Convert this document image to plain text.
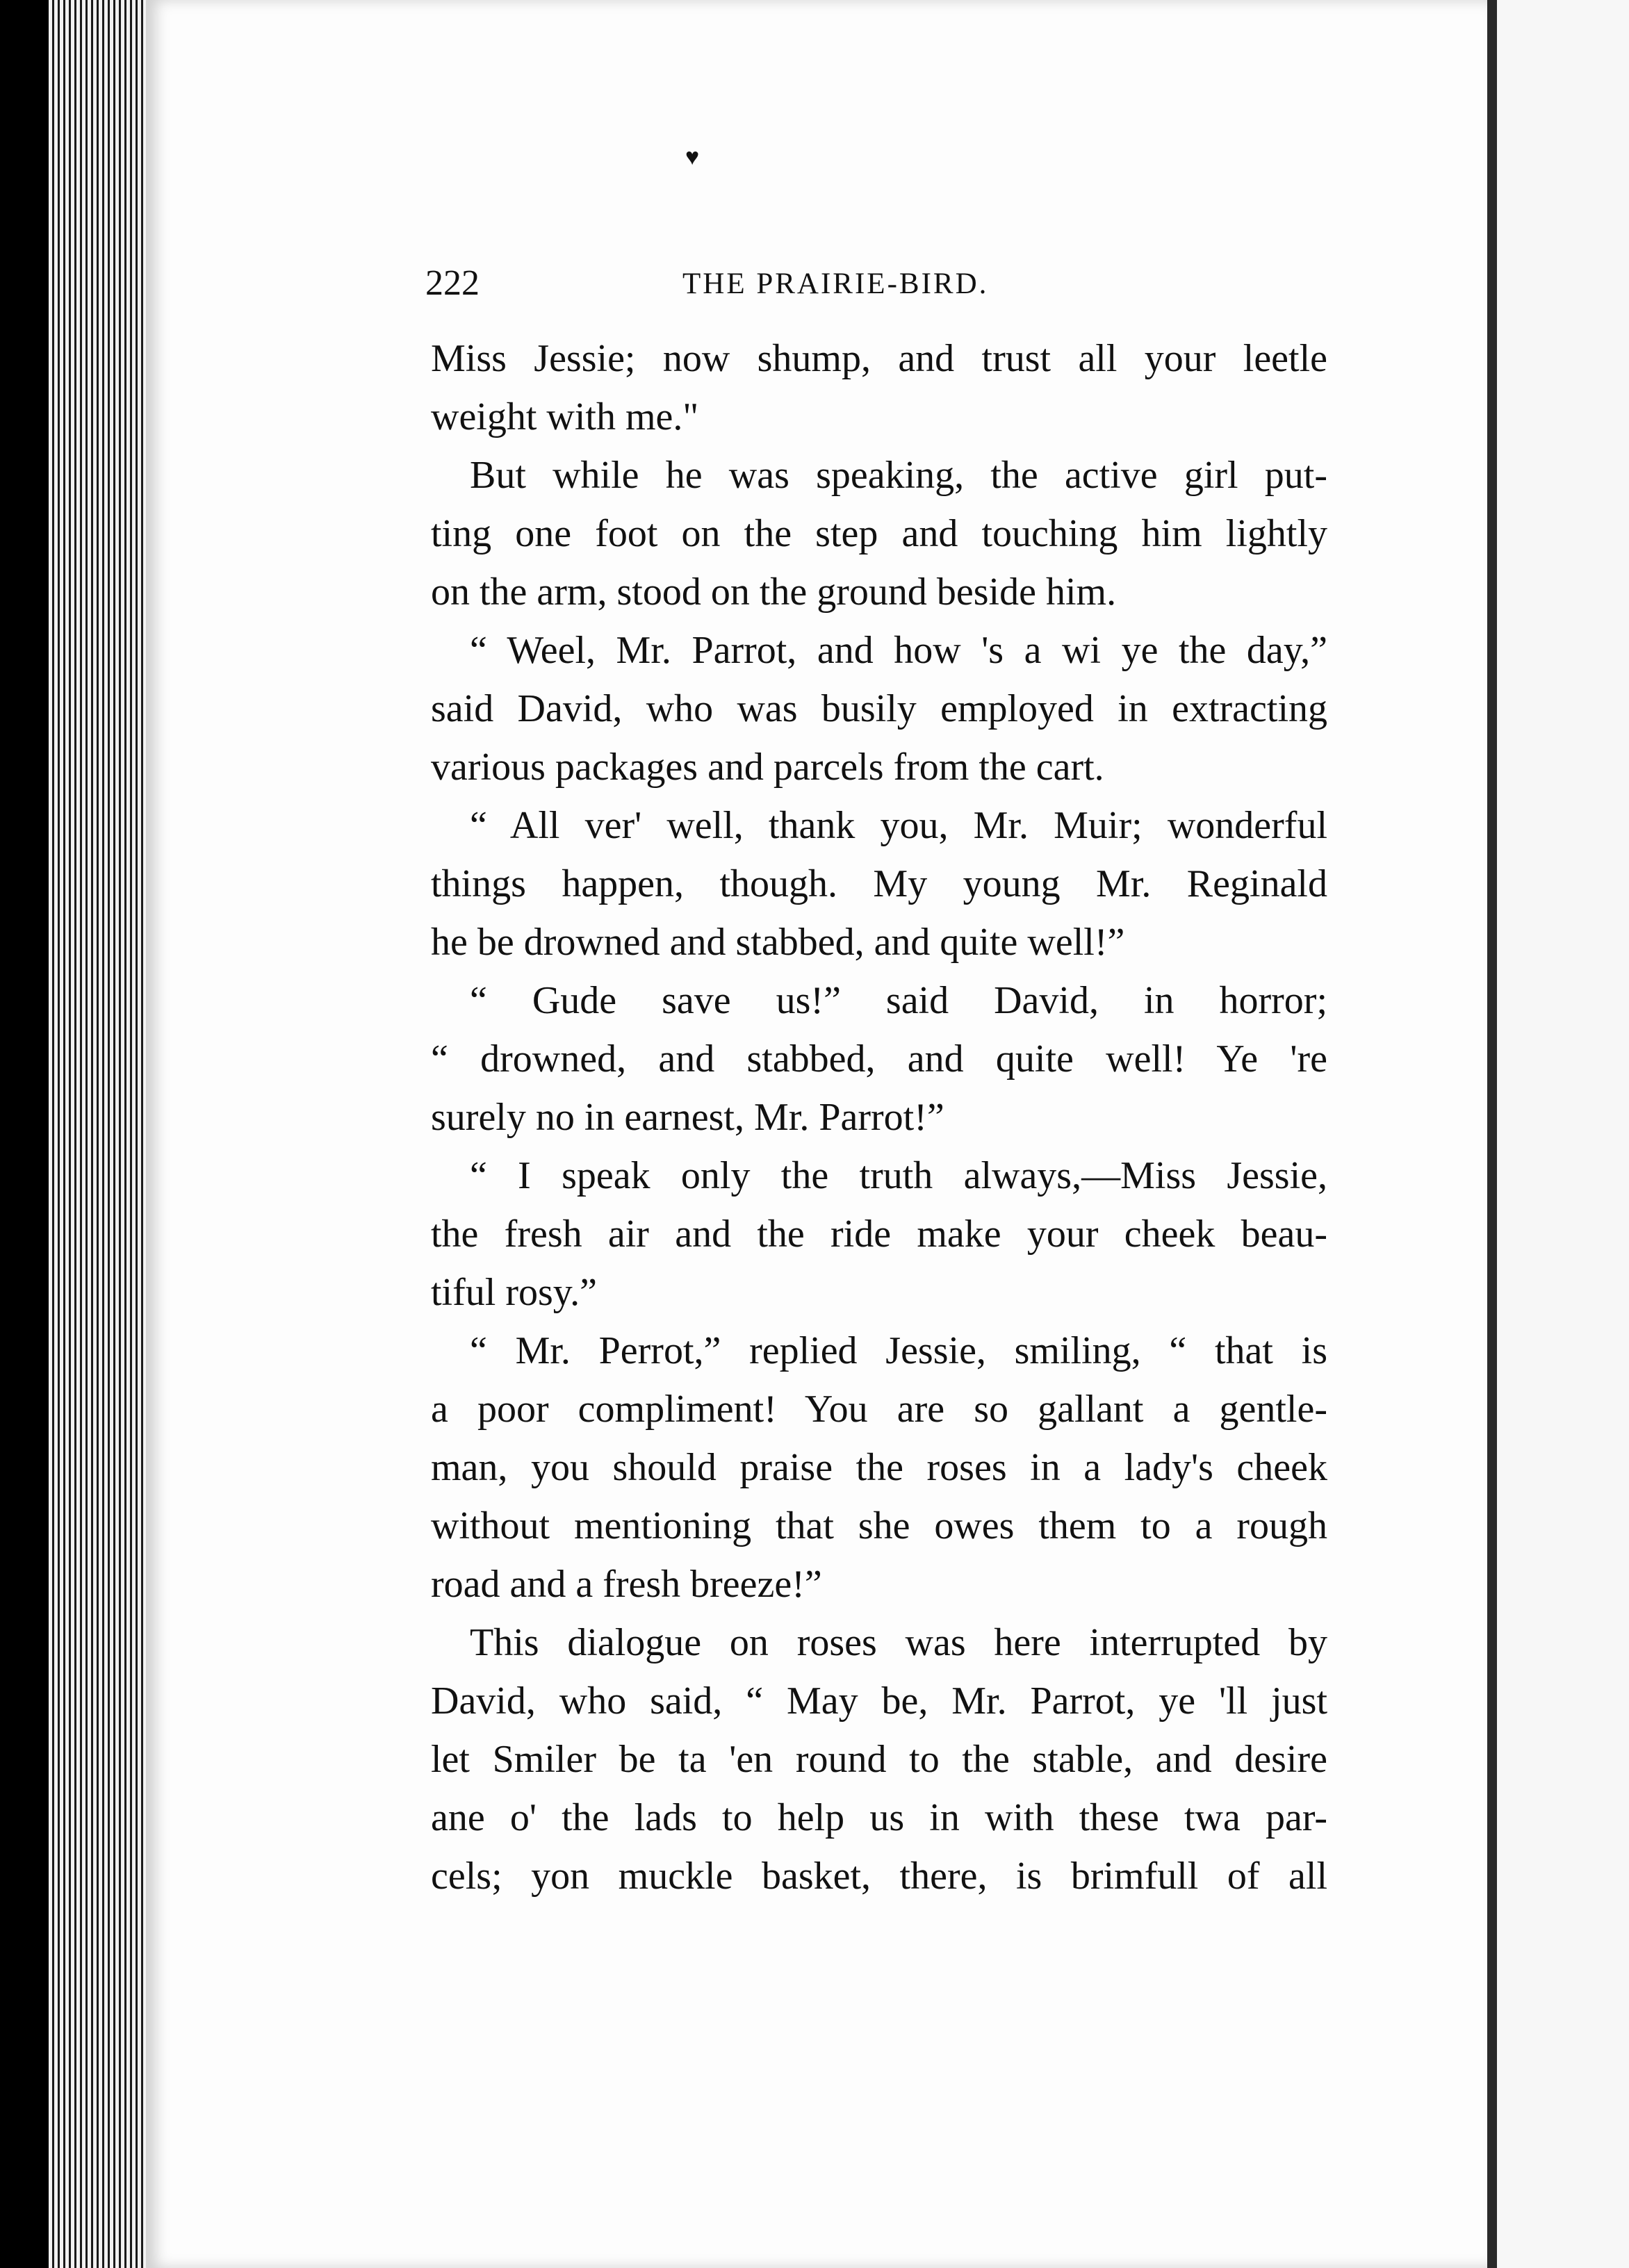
♥
222	THE PRAIRIE-BIRD.
Miss Jessie; now shump, and trust all your leetle
weight with me."
But while he was speaking, the active girl put-
ting one foot on the step and touching him lightly
on the arm, stood on the ground beside him.
“ Weel, Mr. Parrot, and how 's a wi ye the day,”
said David, who was busily employed in extracting
various packages and parcels from the cart.
“ All ver' well, thank you, Mr. Muir; wonderful
things happen, though. My young Mr. Reginald
he be drowned and stabbed, and quite well!”
“ Gude save us!” said David, in horror;
“ drowned, and stabbed, and quite well! Ye 're
surely no in earnest, Mr. Parrot!”
“ I speak only the truth always,—Miss Jessie,
the fresh air and the ride make your cheek beau-
tiful rosy.”
“ Mr. Perrot,” replied Jessie, smiling, “ that is
a poor compliment! You are so gallant a gentle-
man, you should praise the roses in a lady's cheek
without mentioning that she owes them to a rough
road and a fresh breeze!”
This dialogue on roses was here interrupted by
David, who said, “ May be, Mr. Parrot, ye 'll just
let Smiler be ta 'en round to the stable, and desire
ane o' the lads to help us in with these twa par-
cels; yon muckle basket, there, is brimfull of all
